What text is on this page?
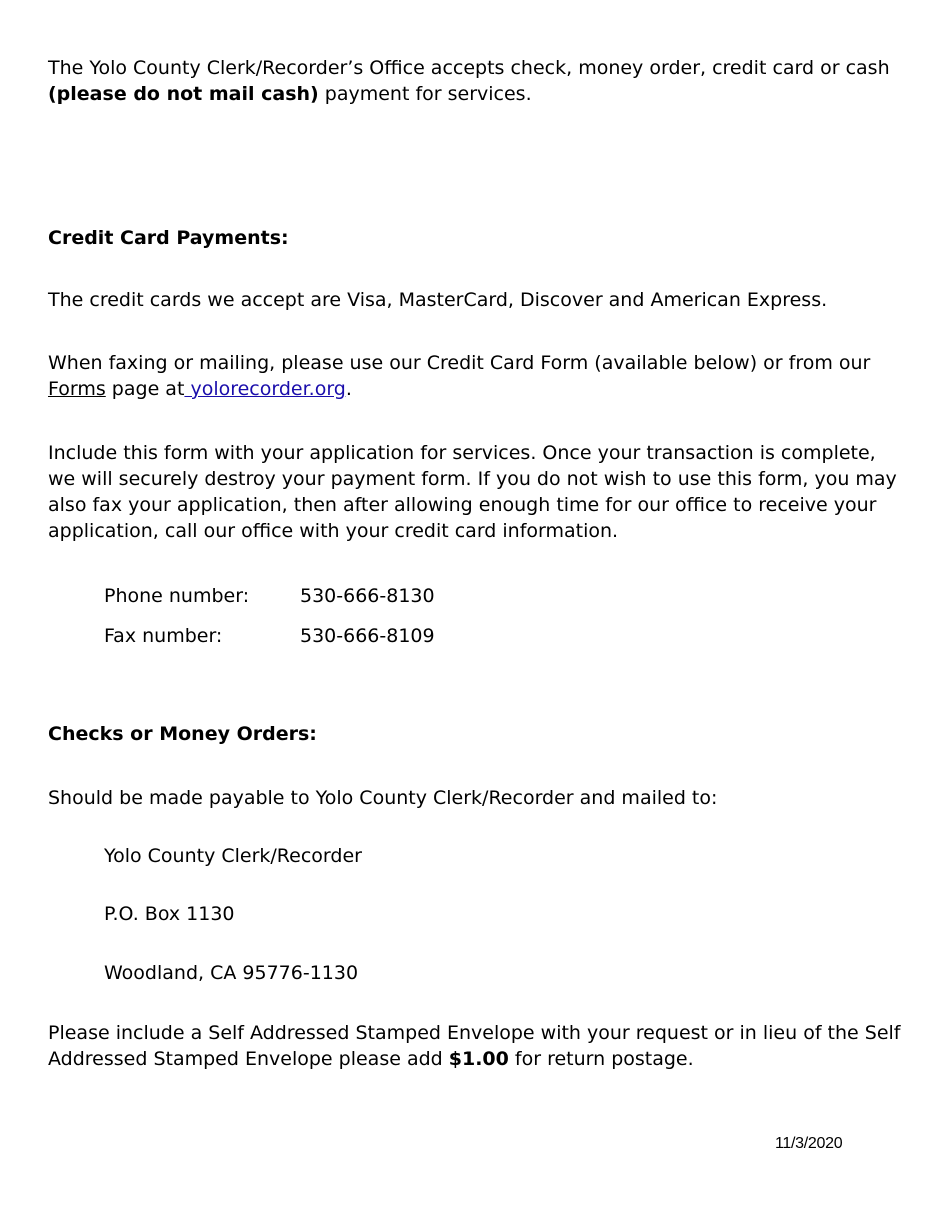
The Yolo County Clerk/Recorder’s Office accepts check, money order, credit card or cash (please do not mail cash) payment for services.

Credit Card Payments:

The credit cards we accept are Visa, MasterCard, Discover and American Express.

When faxing or mailing, please use our Credit Card Form (available below) or from our Forms page at yolorecorder.org.

Include this form with your application for services. Once your transaction is complete, we will securely destroy your payment form. If you do not wish to use this form, you may also fax your application, then after allowing enough time for our office to receive your application, call our office with your credit card information.

Phone number:	530-666-8130
Fax number:	530-666-8109

Checks or Money Orders:

Should be made payable to Yolo County Clerk/Recorder and mailed to:

Yolo County Clerk/Recorder
P.O. Box 1130
Woodland, CA 95776-1130

Please include a Self Addressed Stamped Envelope with your request or in lieu of the Self Addressed Stamped Envelope please add $1.00 for return postage.

11/3/2020
